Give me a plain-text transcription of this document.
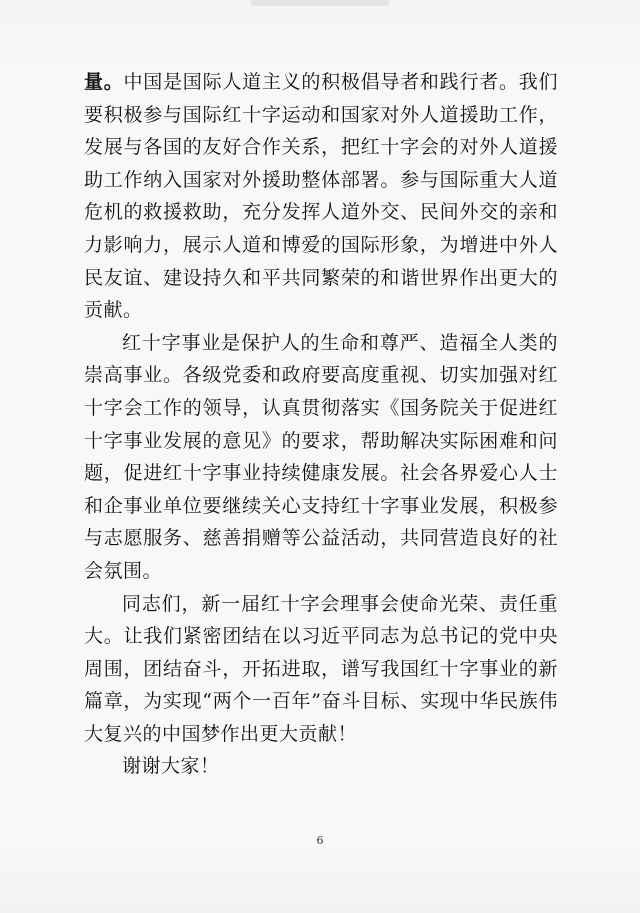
量。中国是国际人道主义的积极倡导者和践行者。我们要积极参与国际红十字运动和国家对外人道援助工作，发展与各国的友好合作关系，把红十字会的对外人道援助工作纳入国家对外援助整体部署。参与国际重大人道危机的救援救助，充分发挥人道外交、民间外交的亲和力影响力，展示人道和博爱的国际形象，为增进中外人民友谊、建设持久和平共同繁荣的和谐世界作出更大的贡献。

红十字事业是保护人的生命和尊严、造福全人类的崇高事业。各级党委和政府要高度重视、切实加强对红十字会工作的领导，认真贯彻落实《国务院关于促进红十字事业发展的意见》的要求，帮助解决实际困难和问题，促进红十字事业持续健康发展。社会各界爱心人士和企事业单位要继续关心支持红十字事业发展，积极参与志愿服务、慈善捐赠等公益活动，共同营造良好的社会氛围。

同志们，新一届红十字会理事会使命光荣、责任重大。让我们紧密团结在以习近平同志为总书记的党中央周围，团结奋斗，开拓进取，谱写我国红十字事业的新篇章，为实现“两个一百年”奋斗目标、实现中华民族伟大复兴的中国梦作出更大贡献！

谢谢大家！

6
